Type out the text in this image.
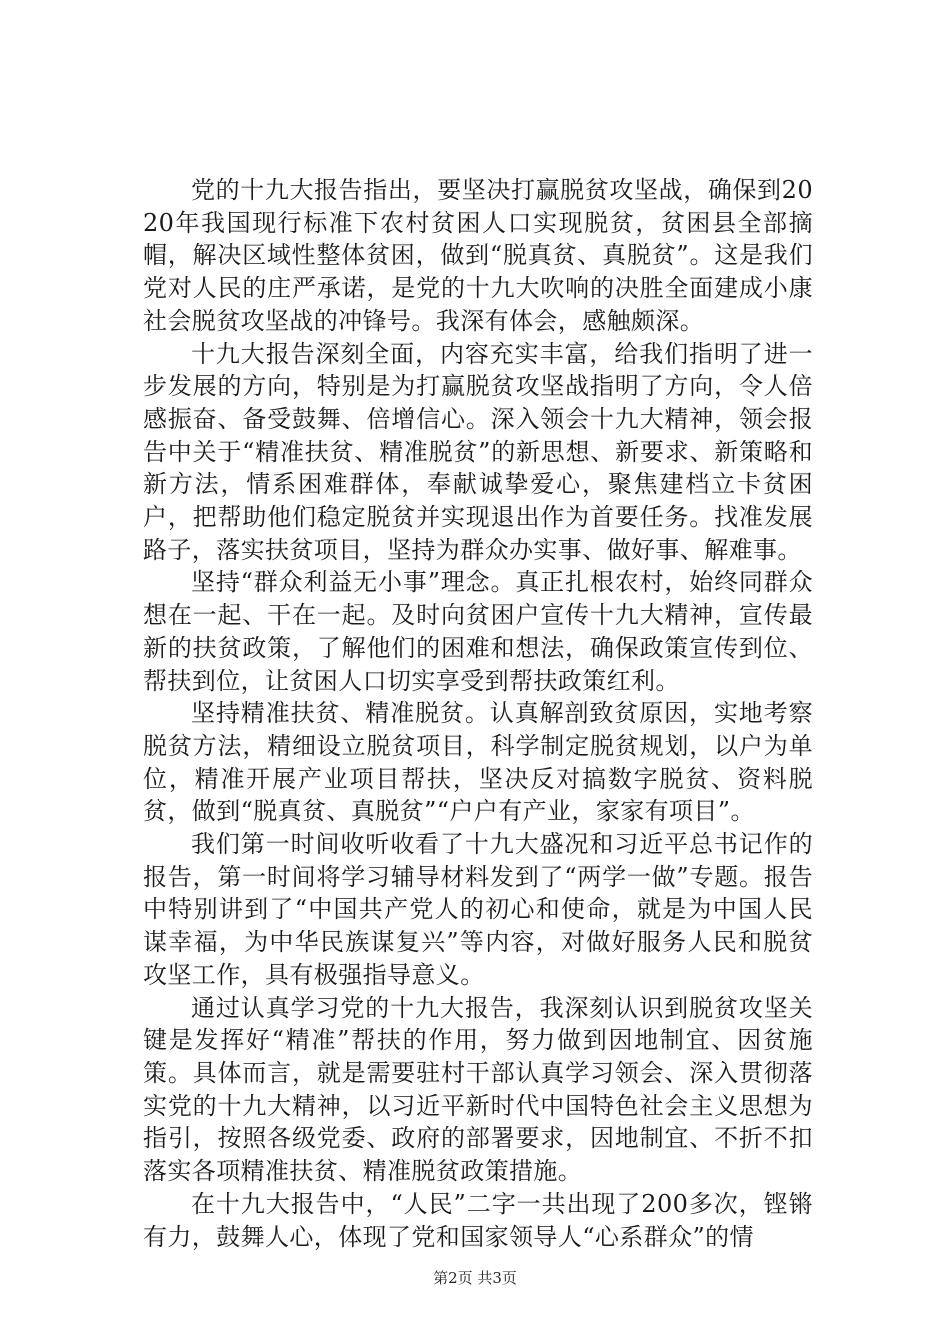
党的十九大报告指出，要坚决打赢脱贫攻坚战，确保到2020年我国现行标准下农村贫困人口实现脱贫，贫困县全部摘帽，解决区域性整体贫困，做到“脱真贫、真脱贫”。这是我们党对人民的庄严承诺，是党的十九大吹响的决胜全面建成小康社会脱贫攻坚战的冲锋号。我深有体会，感触颇深。

十九大报告深刻全面，内容充实丰富，给我们指明了进一步发展的方向，特别是为打赢脱贫攻坚战指明了方向，令人倍感振奋、备受鼓舞、倍增信心。深入领会十九大精神，领会报告中关于“精准扶贫、精准脱贫”的新思想、新要求、新策略和新方法，情系困难群体，奉献诚挚爱心，聚焦建档立卡贫困户，把帮助他们稳定脱贫并实现退出作为首要任务。找准发展路子，落实扶贫项目，坚持为群众办实事、做好事、解难事。

坚持“群众利益无小事”理念。真正扎根农村，始终同群众想在一起、干在一起。及时向贫困户宣传十九大精神，宣传最新的扶贫政策，了解他们的困难和想法，确保政策宣传到位、帮扶到位，让贫困人口切实享受到帮扶政策红利。

坚持精准扶贫、精准脱贫。认真解剖致贫原因，实地考察脱贫方法，精细设立脱贫项目，科学制定脱贫规划，以户为单位，精准开展产业项目帮扶，坚决反对搞数字脱贫、资料脱贫，做到“脱真贫、真脱贫”“户户有产业，家家有项目”。

我们第一时间收听收看了十九大盛况和习近平总书记作的报告，第一时间将学习辅导材料发到了“两学一做”专题。报告中特别讲到了“中国共产党人的初心和使命，就是为中国人民谋幸福，为中华民族谋复兴”等内容，对做好服务人民和脱贫攻坚工作，具有极强指导意义。

通过认真学习党的十九大报告，我深刻认识到脱贫攻坚关键是发挥好“精准”帮扶的作用，努力做到因地制宜、因贫施策。具体而言，就是需要驻村干部认真学习领会、深入贯彻落实党的十九大精神，以习近平新时代中国特色社会主义思想为指引，按照各级党委、政府的部署要求，因地制宜、不折不扣落实各项精准扶贫、精准脱贫政策措施。

在十九大报告中，“人民”二字一共出现了200多次，铿锵有力，鼓舞人心，体现了党和国家领导人“心系群众”的情

第2页 共3页
